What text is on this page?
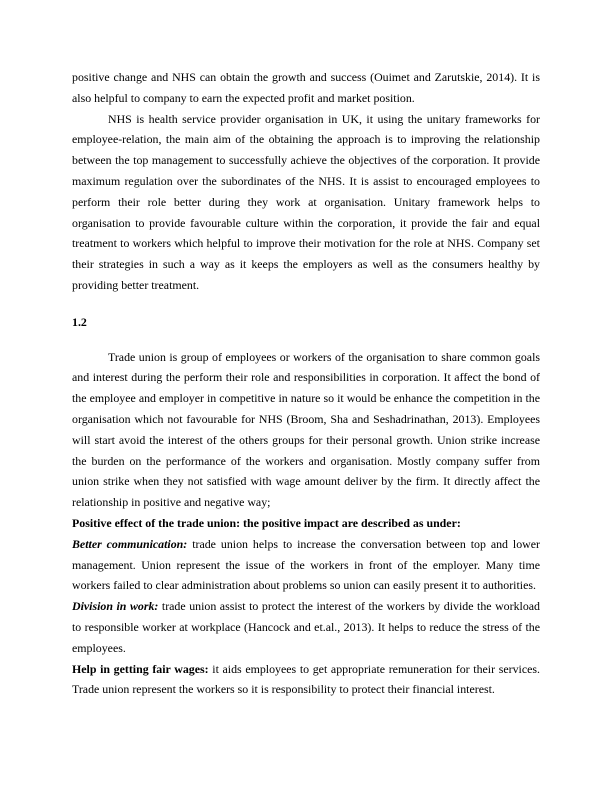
positive change and NHS can obtain the growth and success (Ouimet and Zarutskie, 2014). It is also helpful to company to earn the expected profit and market position.

NHS is health service provider organisation in UK, it using the unitary frameworks for employee-relation, the main aim of the obtaining the approach is to improving the relationship between the top management to successfully achieve the objectives of the corporation. It provide maximum regulation over the subordinates of the NHS. It is assist to encouraged employees to perform their role better during they work at organisation. Unitary framework helps to organisation to provide favourable culture within the corporation, it provide the fair and equal treatment to workers which helpful to improve their motivation for the role at NHS. Company set their strategies in such a way as it keeps the employers as well as the consumers healthy by providing better treatment.

1.2

Trade union is group of employees or workers of the organisation to share common goals and interest during the perform their role and responsibilities in corporation. It affect the bond of the employee and employer in competitive in nature so it would be enhance the competition in the organisation which not favourable for NHS (Broom, Sha and Seshadrinathan, 2013). Employees will start avoid the interest of the others groups for their personal growth. Union strike increase the burden on the performance of the workers and organisation. Mostly company suffer from union strike when they not satisfied with wage amount deliver by the firm. It directly affect the relationship in positive and negative way;

Positive effect of the trade union: the positive impact are described as under:

Better communication: trade union helps to increase the conversation between top and lower management. Union represent the issue of the workers in front of the employer. Many time workers failed to clear administration about problems so union can easily present it to authorities.

Division in work: trade union assist to protect the interest of the workers by divide the workload to responsible worker at workplace (Hancock and et.al., 2013). It helps to reduce the stress of the employees.

Help in getting fair wages: it aids employees to get appropriate remuneration for their services. Trade union represent the workers so it is responsibility to protect their financial interest.
